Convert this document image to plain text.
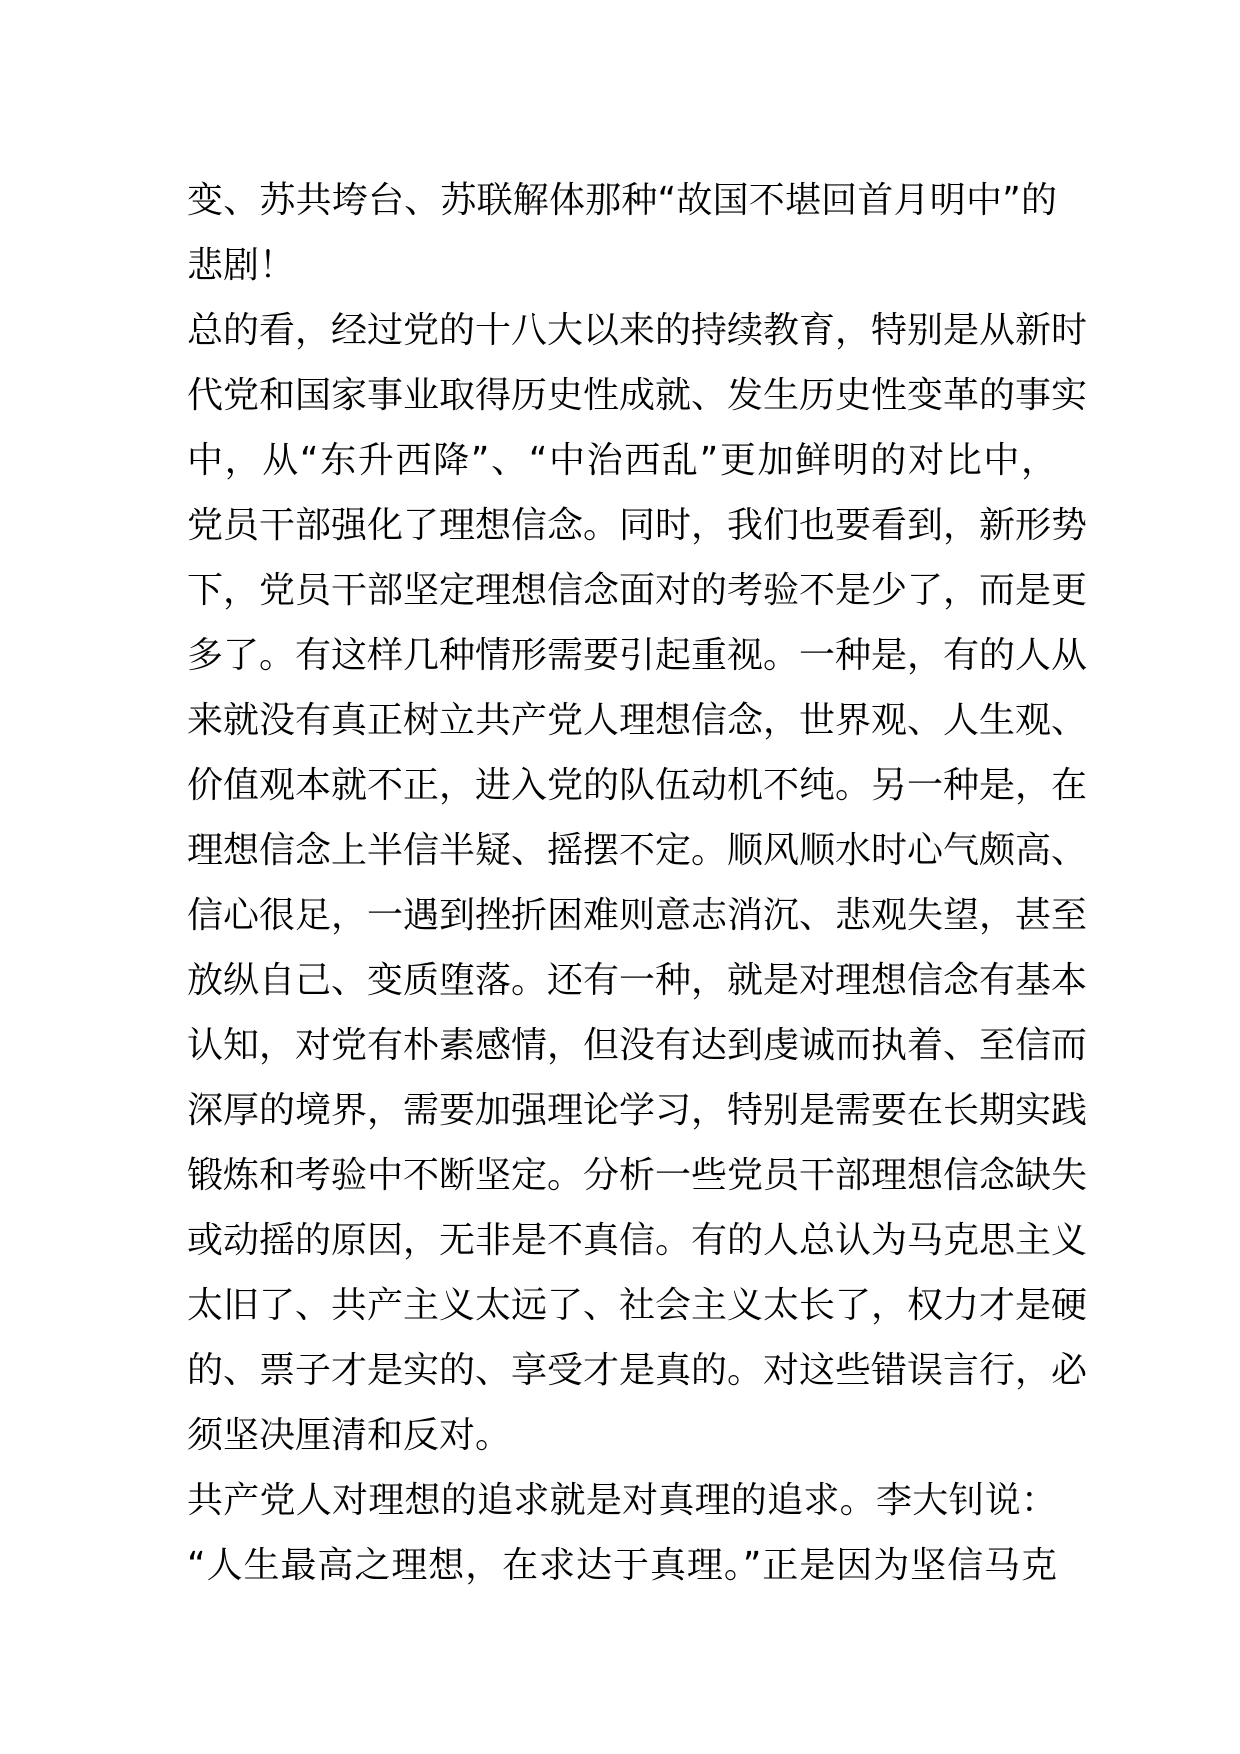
变、苏共垮台、苏联解体那种“故国不堪回首月明中”的
悲剧！
总的看，经过党的十八大以来的持续教育，特别是从新时
代党和国家事业取得历史性成就、发生历史性变革的事实
中，从“东升西降”、“中治西乱”更加鲜明的对比中，
党员干部强化了理想信念。同时，我们也要看到，新形势
下，党员干部坚定理想信念面对的考验不是少了，而是更
多了。有这样几种情形需要引起重视。一种是，有的人从
来就没有真正树立共产党人理想信念，世界观、人生观、
价值观本就不正，进入党的队伍动机不纯。另一种是，在
理想信念上半信半疑、摇摆不定。顺风顺水时心气颇高、
信心很足，一遇到挫折困难则意志消沉、悲观失望，甚至
放纵自己、变质堕落。还有一种，就是对理想信念有基本
认知，对党有朴素感情，但没有达到虔诚而执着、至信而
深厚的境界，需要加强理论学习，特别是需要在长期实践
锻炼和考验中不断坚定。分析一些党员干部理想信念缺失
或动摇的原因，无非是不真信。有的人总认为马克思主义
太旧了、共产主义太远了、社会主义太长了，权力才是硬
的、票子才是实的、享受才是真的。对这些错误言行，必
须坚决厘清和反对。
共产党人对理想的追求就是对真理的追求。李大钊说：
“人生最高之理想，在求达于真理。”正是因为坚信马克
